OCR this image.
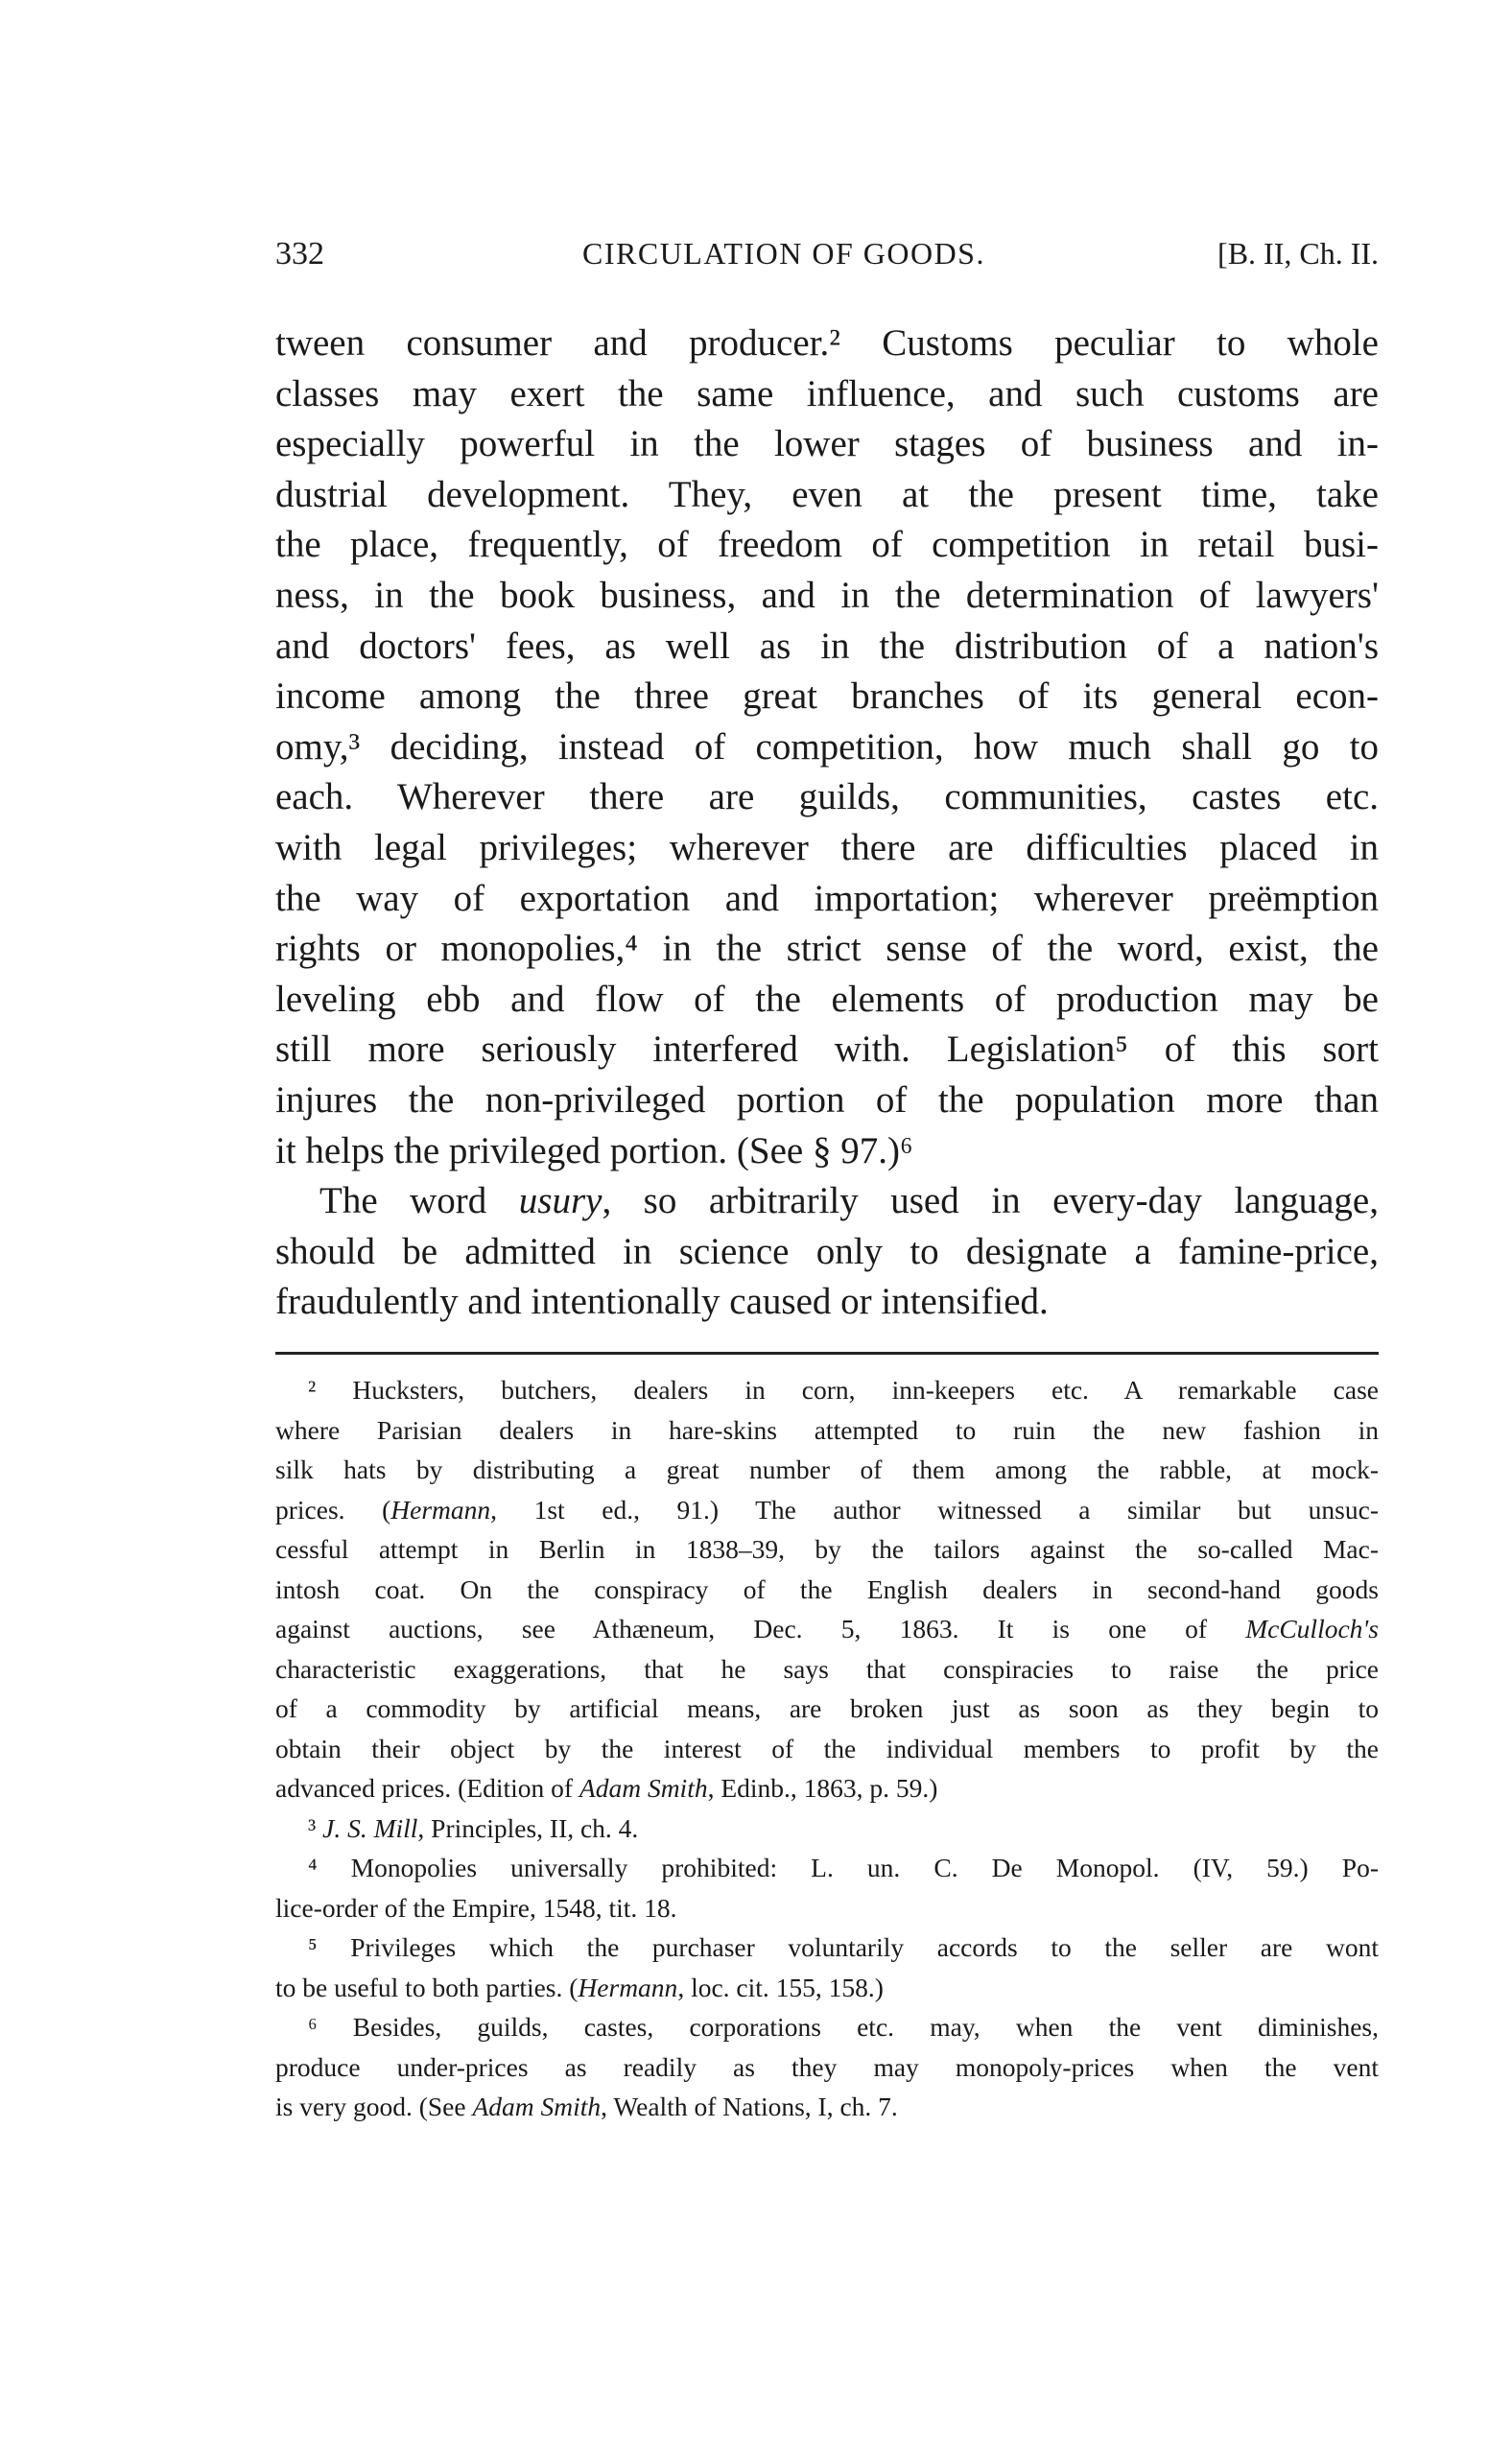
332	CIRCULATION OF GOODS.	[B. II, Ch. II.
tween consumer and producer.² Customs peculiar to whole
classes may exert the same influence, and such customs are
especially powerful in the lower stages of business and in-
dustrial development. They, even at the present time, take
the place, frequently, of freedom of competition in retail busi-
ness, in the book business, and in the determination of lawyers'
and doctors' fees, as well as in the distribution of a nation's
income among the three great branches of its general econ-
omy,³ deciding, instead of competition, how much shall go to
each. Wherever there are guilds, communities, castes etc.
with legal privileges; wherever there are difficulties placed in
the way of exportation and importation; wherever preëmption
rights or monopolies,⁴ in the strict sense of the word, exist, the
leveling ebb and flow of the elements of production may be
still more seriously interfered with. Legislation⁵ of this sort
injures the non-privileged portion of the population more than
it helps the privileged portion. (See § 97.)⁶
The word usury, so arbitrarily used in every-day language,
should be admitted in science only to designate a famine-price,
fraudulently and intentionally caused or intensified.
² Hucksters, butchers, dealers in corn, inn-keepers etc. A remarkable case
where Parisian dealers in hare-skins attempted to ruin the new fashion in
silk hats by distributing a great number of them among the rabble, at mock-
prices. (Hermann, 1st ed., 91.) The author witnessed a similar but unsuc-
cessful attempt in Berlin in 1838–39, by the tailors against the so-called Mac-
intosh coat. On the conspiracy of the English dealers in second-hand goods
against auctions, see Athæneum, Dec. 5, 1863. It is one of McCulloch's
characteristic exaggerations, that he says that conspiracies to raise the price
of a commodity by artificial means, are broken just as soon as they begin to
obtain their object by the interest of the individual members to profit by the
advanced prices. (Edition of Adam Smith, Edinb., 1863, p. 59.)
³ J. S. Mill, Principles, II, ch. 4.
⁴ Monopolies universally prohibited: L. un. C. De Monopol. (IV, 59.) Po-
lice-order of the Empire, 1548, tit. 18.
⁵ Privileges which the purchaser voluntarily accords to the seller are wont
to be useful to both parties. (Hermann, loc. cit. 155, 158.)
⁶ Besides, guilds, castes, corporations etc. may, when the vent diminishes,
produce under-prices as readily as they may monopoly-prices when the vent
is very good. (See Adam Smith, Wealth of Nations, I, ch. 7.
